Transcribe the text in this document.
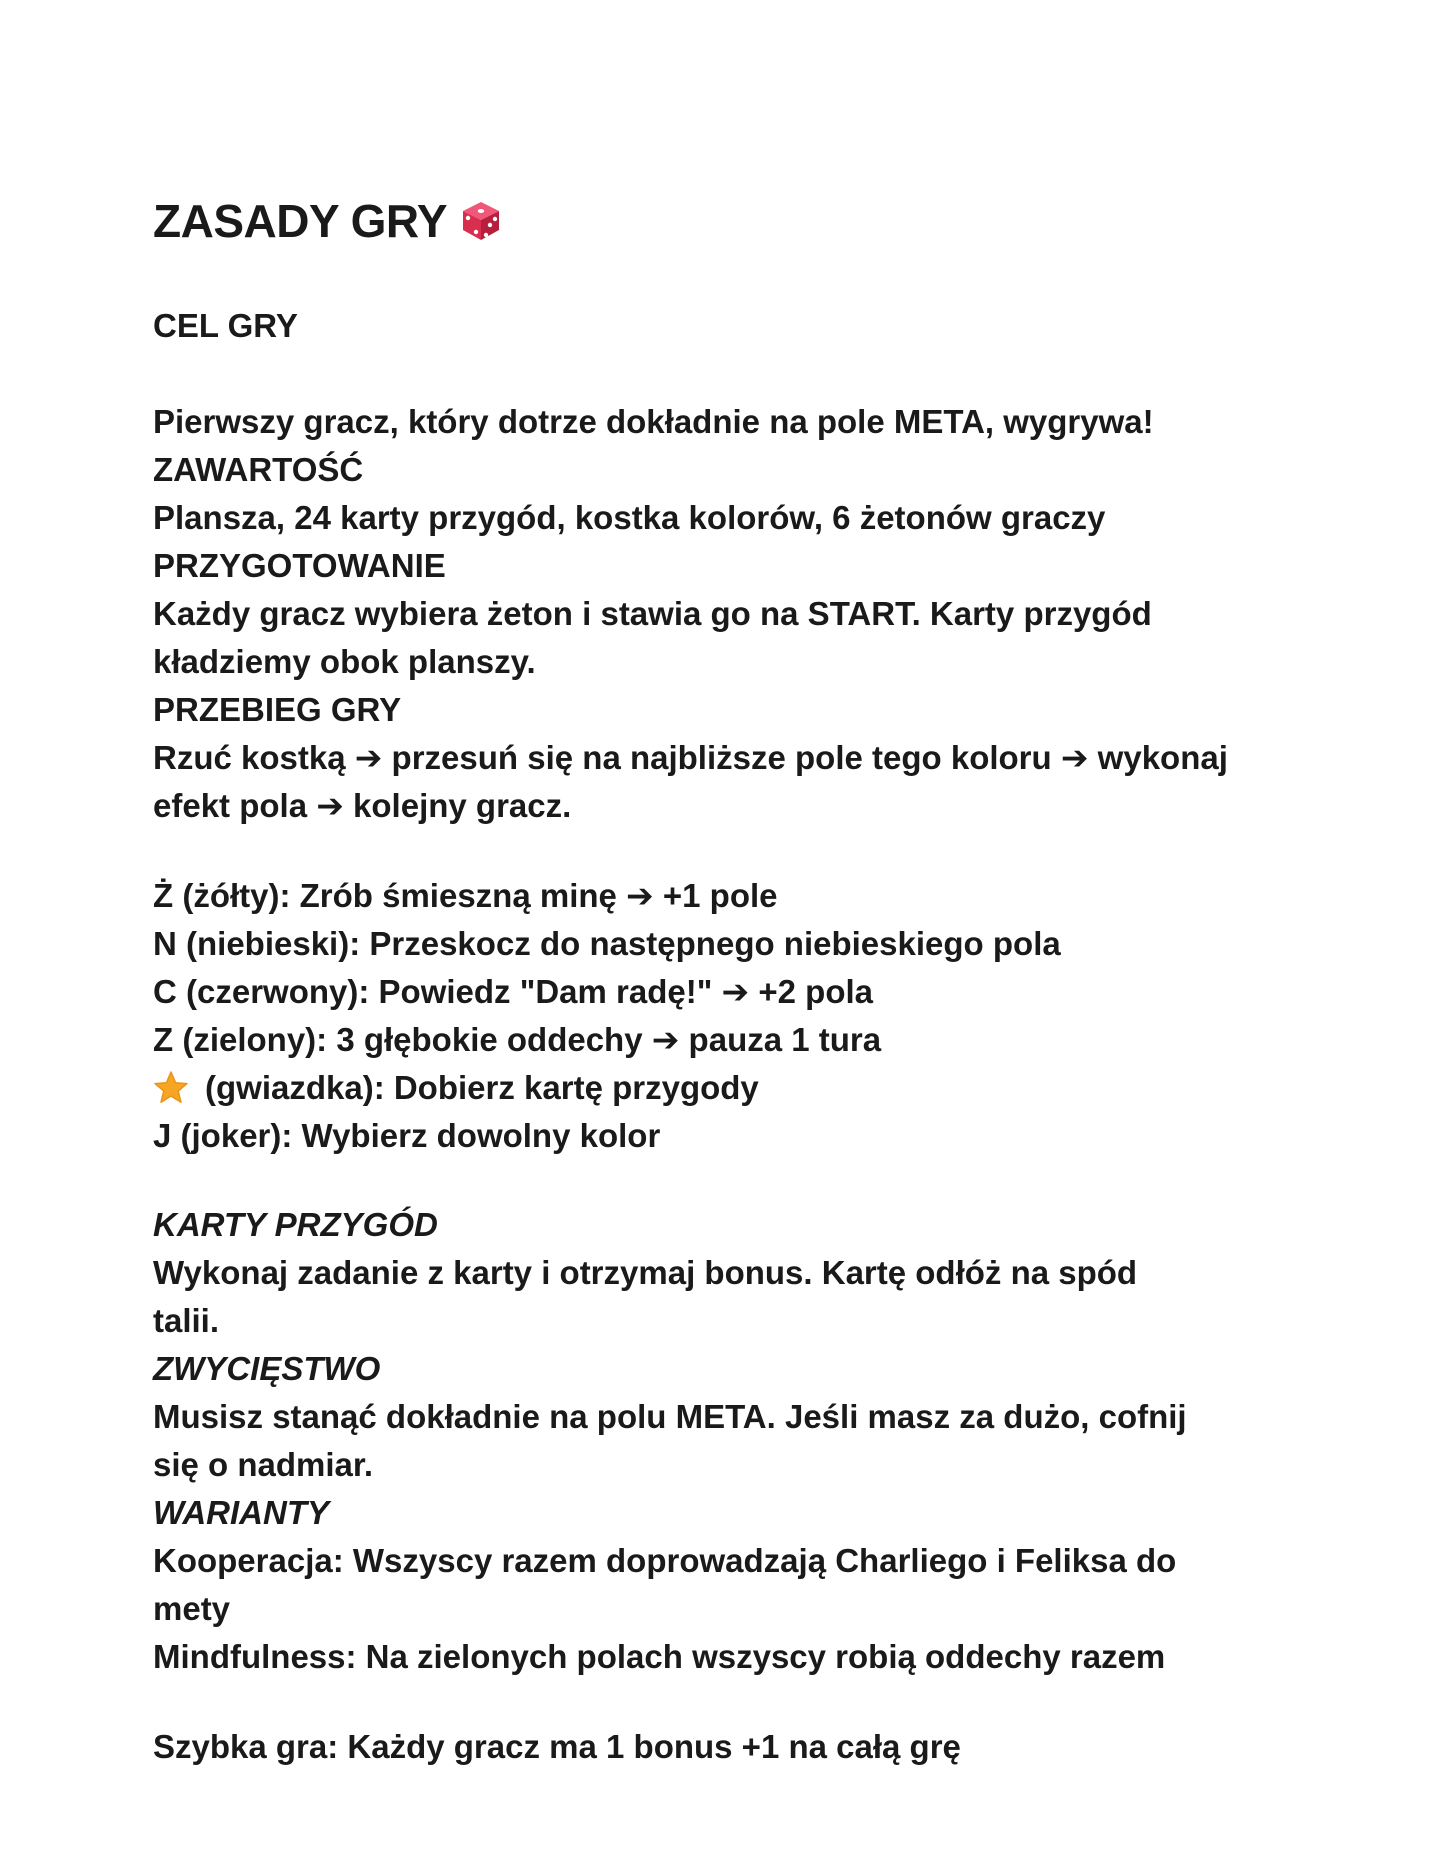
ZASADY GRY
CEL GRY
Pierwszy gracz, który dotrze dokładnie na pole META, wygrywa!
ZAWARTOŚĆ
Plansza, 24 karty przygód, kostka kolorów, 6 żetonów graczy
PRZYGOTOWANIE
Każdy gracz wybiera żeton i stawia go na START. Karty przygód
kładziemy obok planszy.
PRZEBIEG GRY
Rzuć kostką ➔ przesuń się na najbliższe pole tego koloru ➔ wykonaj
efekt pola ➔ kolejny gracz.
Ż (żółty): Zrób śmieszną minę ➔ +1 pole
N (niebieski): Przeskocz do następnego niebieskiego pola
C (czerwony): Powiedz "Dam radę!" ➔ +2 pola
Z (zielony): 3 głębokie oddechy ➔ pauza 1 tura
(gwiazdka): Dobierz kartę przygody
J (joker): Wybierz dowolny kolor
KARTY PRZYGÓD
Wykonaj zadanie z karty i otrzymaj bonus. Kartę odłóż na spód
talii.
ZWYCIĘSTWO
Musisz stanąć dokładnie na polu META. Jeśli masz za dużo, cofnij
się o nadmiar.
WARIANTY
Kooperacja: Wszyscy razem doprowadzają Charliego i Feliksa do
mety
Mindfulness: Na zielonych polach wszyscy robią oddechy razem
Szybka gra: Każdy gracz ma 1 bonus +1 na całą grę
